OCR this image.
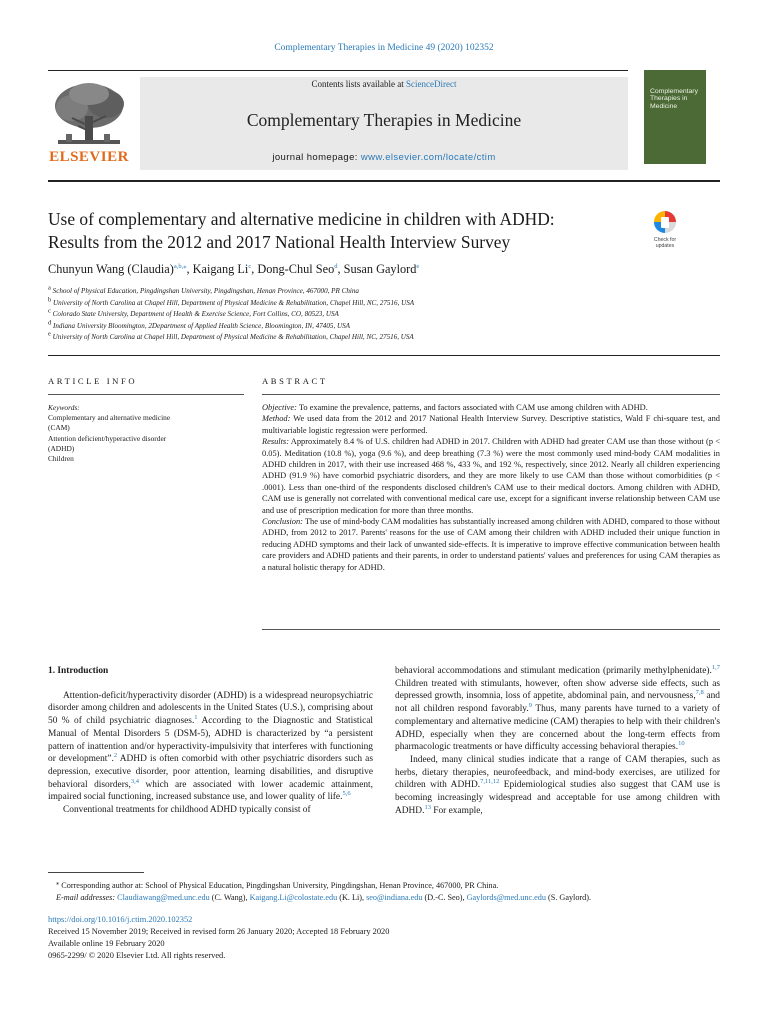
Complementary Therapies in Medicine 49 (2020) 102352
Contents lists available at ScienceDirect
Complementary Therapies in Medicine
journal homepage: www.elsevier.com/locate/ctim
ELSEVIER
Complementary Therapies in Medicine
Use of complementary and alternative medicine in children with ADHD:
Results from the 2012 and 2017 National Health Interview Survey	Check for
updates
Chunyun Wang (Claudia)$^{a,b,⁎}$, Kaigang Li$^c$, Dong-Chul Seo$^d$, Susan Gaylord$^e$
$^a$ School of Physical Education, Pingdingshan University, Pingdingshan, Henan Province, 467000, PR China
$^b$ University of North Carolina at Chapel Hill, Department of Physical Medicine & Rehabilitation, Chapel Hill, NC, 27516, USA
$^c$ Colorado State University, Department of Health & Exercise Science, Fort Collins, CO, 80523, USA
$^d$ Indiana University Bloomington, 2Department of Applied Health Science, Bloomington, IN, 47405, USA
$^e$ University of North Carolina at Chapel Hill, Department of Physical Medicine & Rehabilitation, Chapel Hill, NC, 27516, USA
ARTICLE INFO	ABSTRACT
Keywords:
Complementary and alternative medicine
(CAM)
Attention deficient/hyperactive disorder
(ADHD)
Children

Objective: To examine the prevalence, patterns, and factors associated with CAM use among children with ADHD.

Method: We used data from the 2012 and 2017 National Health Interview Survey. Descriptive statistics, Wald F chi-square test, and multivariable logistic regression were performed.

Results: Approximately 8.4 % of U.S. children had ADHD in 2017. Children with ADHD had greater CAM use than those without (p < 0.05). Meditation (10.8 %), yoga (9.6 %), and deep breathing (7.3 %) were the most commonly used mind-body CAM modalities in ADHD children in 2017, with their use increased 468 %, 433 %, and 192 %, respectively, since 2012. Nearly all children experiencing ADHD (91.9 %) have comorbid psychiatric disorders, and they are more likely to use CAM than those without comorbidities (p < .0001). Less than one-third of the respondents disclosed children's CAM use to their medical doctors. Among children with ADHD, CAM use is generally not correlated with conventional medical care use, except for a significant inverse relationship between CAM use and use of prescription medication for more than three months.

Conclusion: The use of mind-body CAM modalities has substantially increased among children with ADHD, compared to those without ADHD, from 2012 to 2017. Parents' reasons for the use of CAM among their children with ADHD included their unique function in reducing ADHD symptoms and their lack of unwanted side-effects. It is imperative to improve effective communication between health care providers and ADHD patients and their parents, in order to understand patients' values and preferences for using CAM therapies as a natural holistic therapy for ADHD.

1. Introduction

Attention-deficit/hyperactivity disorder (ADHD) is a widespread neuropsychiatric disorder among children and adolescents in the United States (U.S.), comprising about 50 % of child psychiatric diagnoses.$^1$ According to the Diagnostic and Statistical Manual of Mental Disorders 5 (DSM-5), ADHD is characterized by “a persistent pattern of inattention and/or hyperactivity-impulsivity that interferes with functioning or development”.$^2$ ADHD is often comorbid with other psychiatric disorders such as depression, executive disorder, poor attention, learning disabilities, and disruptive behavioral disorders,$^{3,4}$ which are associated with lower academic attainment, impaired social functioning, increased substance use, and lower quality of life.$^{5,6}$

Conventional treatments for childhood ADHD typically consist of

behavioral accommodations and stimulant medication (primarily methylphenidate).$^{1,7}$ Children treated with stimulants, however, often show adverse side effects, such as depressed growth, insomnia, loss of appetite, abdominal pain, and nervousness,$^{7,8}$ and not all children respond favorably.$^9$ Thus, many parents have turned to a variety of complementary and alternative medicine (CAM) therapies to help with their children's ADHD, especially when they are concerned about the long-term effects from pharmacologic treatments or have difficulty accessing behavioral therapies.$^{10}$

Indeed, many clinical studies indicate that a range of CAM therapies, such as herbs, dietary therapies, neurofeedback, and mind-body exercises, are utilized for children with ADHD.$^{7,11,12}$ Epidemiological studies also suggest that CAM use is becoming increasingly widespread and acceptable for use among children with ADHD.$^{13}$ For example,

⁎ Corresponding author at: School of Physical Education, Pingdingshan University, Pingdingshan, Henan Province, 467000, PR China.
E-mail addresses: Claudiawang@med.unc.edu (C. Wang), Kaigang.Li@colostate.edu (K. Li), seo@indiana.edu (D.-C. Seo), Gaylords@med.unc.edu (S. Gaylord).
https://doi.org/10.1016/j.ctim.2020.102352
Received 15 November 2019; Received in revised form 26 January 2020; Accepted 18 February 2020
Available online 19 February 2020
0965-2299/ © 2020 Elsevier Ltd. All rights reserved.
